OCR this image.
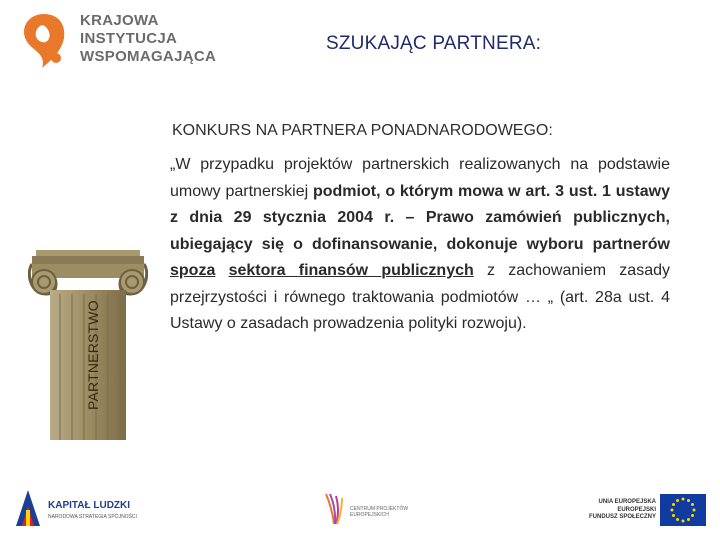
KRAJOWA
INSTYTUCJA
WSPOMAGAJĄCA
SZUKAJĄC PARTNERA:
PARTNERSTWO
KONKURS NA PARTNERA PONADNARODOWEGO:
„W przypadku projektów partnerskich realizowanych na podstawie umowy partnerskiej podmiot, o którym mowa w art. 3 ust. 1 ustawy z dnia 29 stycznia 2004 r. – Prawo zamówień publicznych, ubiegający się o dofinansowanie, dokonuje wyboru partnerów spoza sektora finansów publicznych z zachowaniem zasady przejrzystości i równego traktowania podmiotów … „ (art. 28a ust. 4 Ustawy o zasadach prowadzenia polityki rozwoju).
KAPITAŁ LUDZKI
NARODOWA STRATEGIA SPÓJNOŚCI
CENTRUM PROJEKTÓW EUROPEJSKICH
UNIA EUROPEJSKA
EUROPEJSKI
FUNDUSZ SPOŁECZNY
